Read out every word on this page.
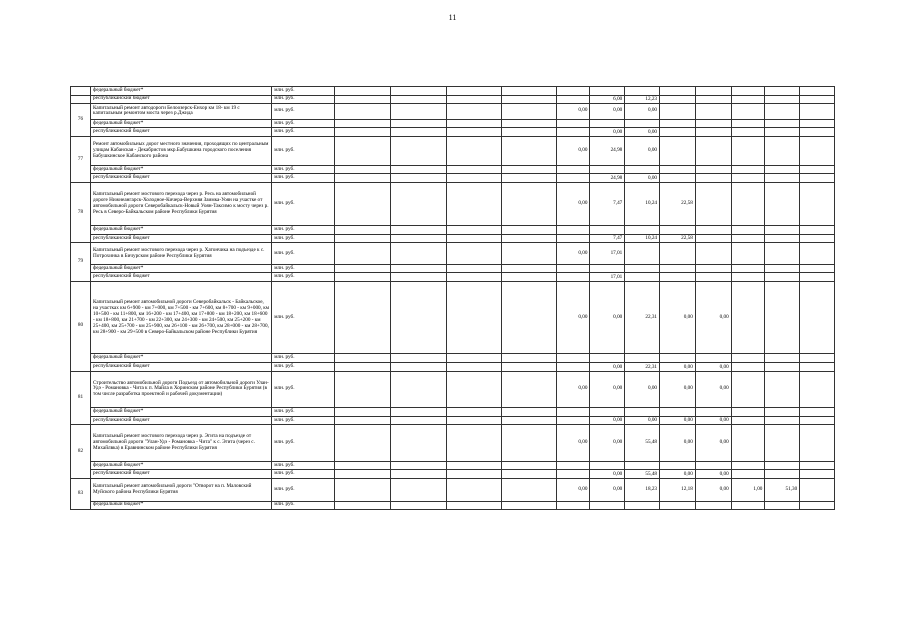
11
	федеральный бюджет*	млн. руб.												
	республиканский бюджет	млн. руб.						6,00	12,23					
76	Капитальный ремонт автодороги Белоозерск-Енхор км 18- км 19 с капитальным ремонтом моста через р.Джида	млн. руб.					0,00	0,00	0,00					
	федеральный бюджет*	млн. руб.												
	республиканский бюджет	млн. руб.						0,00	0,00					
77	Ремонт автомобильных дорог местного значения, проходящих по центральным улицам Кабанская - Декабристов мкр.Бабушкина городского поселения Бабушкинское Кабанского района	млн. руб.					0,00	24,98	0,00					
	федеральный бюджет*	млн. руб.												
	республиканский бюджет	млн. руб.						24,98	0,00					
78	Капитальный ремонт мостового перехода через р. Ресь на автомобильной дороге Нижнеангарск-Холодное-Кичера-Верхняя Заимка-Уоян на участке от автомобильной дороги Северобайкальск-Новый Уоян-Таксимо к мосту через р. Ресь в Северо-Байкальском районе Республики Бурятия	млн. руб.					0,00	7,47	10,24	22,58				
	федеральный бюджет*	млн. руб.												
	республиканский бюджет	млн. руб.						7,47	10,24	22,58				
79	Капитальный ремонт мостового перехода через р. Хатончика на подъезде к с. Потрохинка в Бичурском районе Республики Бурятия	млн. руб.					0,00	17,01						
	федеральный бюджет*	млн. руб.												
	республиканский бюджет	млн. руб.						17,01						
80	Капитальный ремонт автомобильной дороги Северобайкальск - Байкальское, на участках км 6+900 - км 7+000, км 7+500 - км 7+600, км 8+700 - км 9+000, км 10+500 - км 11+800, км 16+200 - км 17+400, км 17+800 - км 18+200, км 18+600 - км 18+800, км 21+700 - км 22+300, км 24+300 - км 24+500, км 25+200 - км 25+400, км 25+700 - км 25+900, км 26+100 - км 26+700, км 28+000 - км 28+700, км 28+900 - км 29+500 в Северо-Байкальском районе Республики Бурятия	млн. руб.					0,00	0,00	22,31	0,00	0,00			
	федеральный бюджет*	млн. руб.												
	республиканский бюджет	млн. руб.						0,00	22,31	0,00	0,00			
81	Строительство автомобильной дороги Подъезд от автомобильной дороги Улан-Удэ - Романовка - Чита к п. Майла в Хоринском районе Республики Бурятия (в том числе разработка проектной и рабочей документации)	млн. руб.					0,00	0,00	0,00	0,00	0,00			
	федеральный бюджет*	млн. руб.												
	республиканский бюджет	млн. руб.						0,00	0,00	0,00	0,00			
82	Капитальный ремонт мостового перехода через р. Эгита на подъезде от автомобильной дороги "Улан-Удэ - Романовка - Чита" к с. Эгита (через с. Михайлвка) в Еравнинском районе Республики Бурятия	млн. руб.					0,00	0,00	55,48	0,00	0,00			
	федеральный бюджет*	млн. руб.												
	республиканский бюджет	млн. руб.						0,00	55,48	0,00	0,00			
83	Капитальный ремонт автомобильной дороги "Отворот на п. Маловский Муйского района Республики Бурятия	млн. руб.					0,00	0,00	18,23	12,18	0,00	1,00	51,30	
	федеральный бюджет*	млн. руб.												
